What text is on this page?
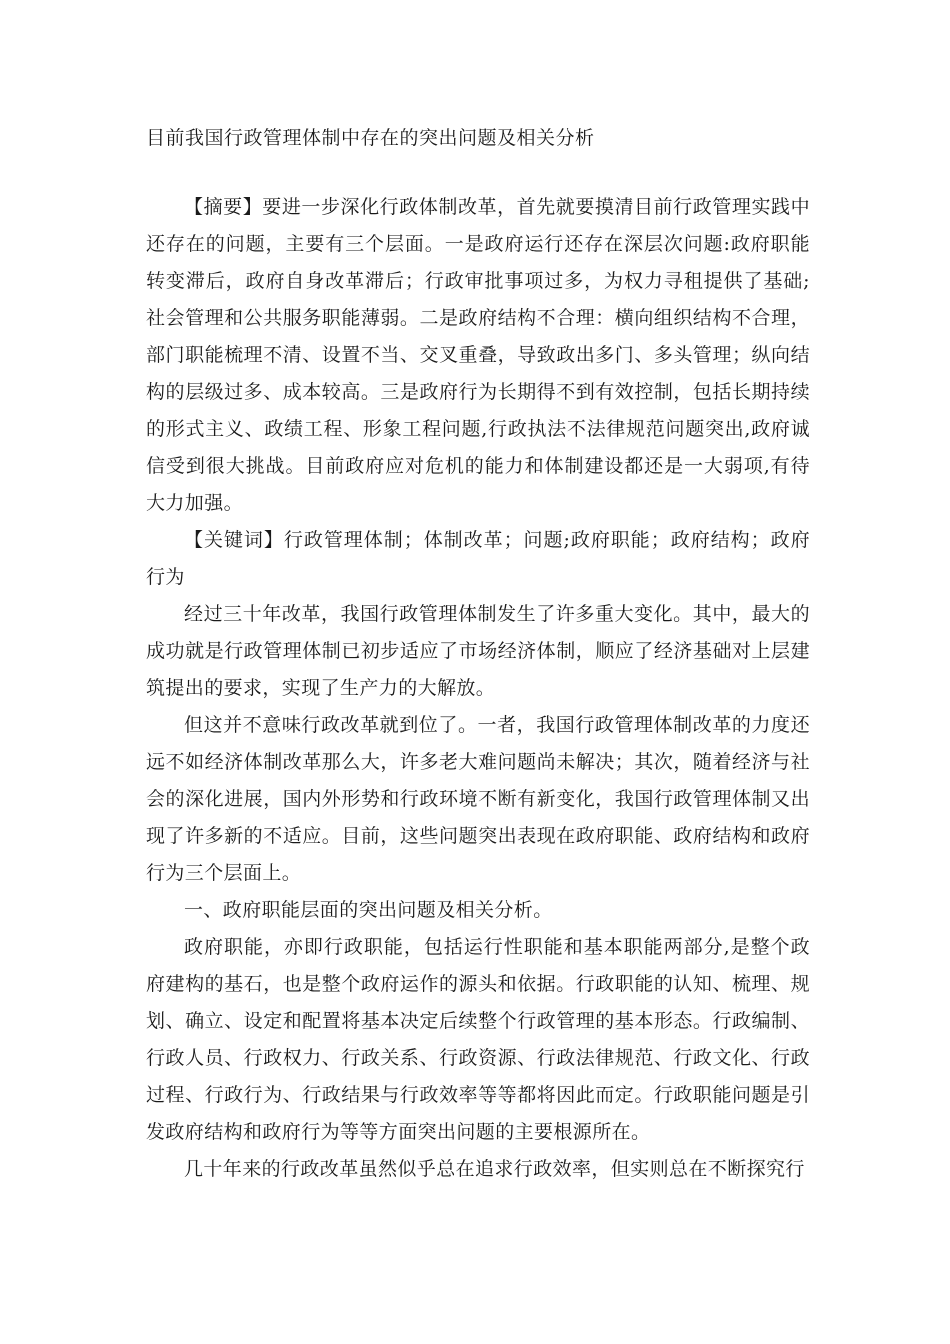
目前我国行政管理体制中存在的突出问题及相关分析

【摘要】要进一步深化行政体制改革，首先就要摸清目前行政管理实践中还存在的问题，主要有三个层面。一是政府运行还存在深层次问题:政府职能转变滞后，政府自身改革滞后；行政审批事项过多，为权力寻租提供了基础;社会管理和公共服务职能薄弱。二是政府结构不合理：横向组织结构不合理，部门职能梳理不清、设置不当、交叉重叠，导致政出多门、多头管理；纵向结构的层级过多、成本较高。三是政府行为长期得不到有效控制，包括长期持续的形式主义、政绩工程、形象工程问题,行政执法不法律规范问题突出,政府诚信受到很大挑战。目前政府应对危机的能力和体制建设都还是一大弱项,有待大力加强。

【关键词】行政管理体制；体制改革；问题;政府职能；政府结构；政府行为

经过三十年改革，我国行政管理体制发生了许多重大变化。其中，最大的成功就是行政管理体制已初步适应了市场经济体制，顺应了经济基础对上层建筑提出的要求，实现了生产力的大解放。

但这并不意味行政改革就到位了。一者，我国行政管理体制改革的力度还远不如经济体制改革那么大，许多老大难问题尚未解决；其次，随着经济与社会的深化进展，国内外形势和行政环境不断有新变化，我国行政管理体制又出现了许多新的不适应。目前，这些问题突出表现在政府职能、政府结构和政府行为三个层面上。

一、政府职能层面的突出问题及相关分析。

政府职能，亦即行政职能，包括运行性职能和基本职能两部分,是整个政府建构的基石，也是整个政府运作的源头和依据。行政职能的认知、梳理、规划、确立、设定和配置将基本决定后续整个行政管理的基本形态。行政编制、行政人员、行政权力、行政关系、行政资源、行政法律规范、行政文化、行政过程、行政行为、行政结果与行政效率等等都将因此而定。行政职能问题是引发政府结构和政府行为等等方面突出问题的主要根源所在。

几十年来的行政改革虽然似乎总在追求行政效率，但实则总在不断探究行
